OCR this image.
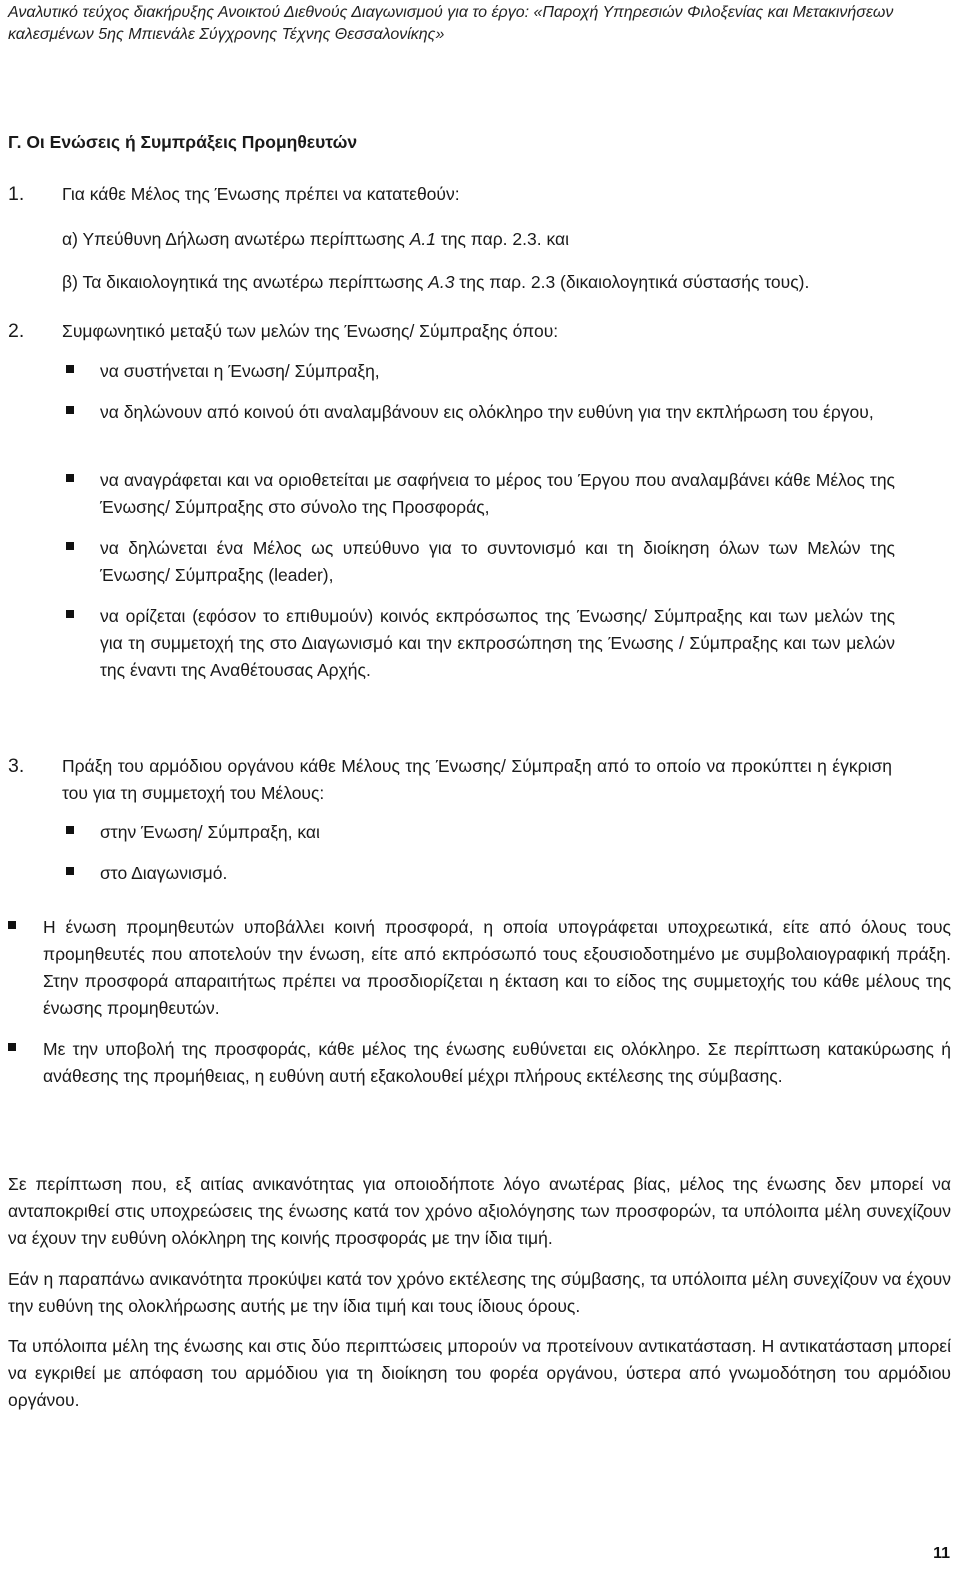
Αναλυτικό τεύχος διακήρυξης Ανοικτού Διεθνούς Διαγωνισμού για το έργο: «Παροχή Υπηρεσιών Φιλοξενίας και Μετακινήσεων
καλεσμένων 5ης Μπιενάλε Σύγχρονης Τέχνης Θεσσαλονίκης»
Γ. Οι Ενώσεις ή Συμπράξεις Προμηθευτών
1. Για κάθε Μέλος της Ένωσης πρέπει να κατατεθούν:
α) Υπεύθυνη Δήλωση ανωτέρω περίπτωσης Α.1 της παρ. 2.3. και
β) Τα δικαιολογητικά της ανωτέρω περίπτωσης Α.3 της παρ. 2.3 (δικαιολογητικά σύστασής τους).
2. Συμφωνητικό μεταξύ των μελών της Ένωσης/ Σύμπραξης όπου:
να συστήνεται η Ένωση/ Σύμπραξη,
να δηλώνουν από κοινού ότι αναλαμβάνουν εις ολόκληρο την ευθύνη για την εκπλήρωση του έργου,
να αναγράφεται και να οριοθετείται με σαφήνεια το μέρος του Έργου που αναλαμβάνει κάθε Μέλος της Ένωσης/ Σύμπραξης στο σύνολο της Προσφοράς,
να δηλώνεται ένα Μέλος ως υπεύθυνο για το συντονισμό και τη διοίκηση όλων των Μελών της Ένωσης/ Σύμπραξης (leader),
να ορίζεται (εφόσον το επιθυμούν) κοινός εκπρόσωπος της Ένωσης/ Σύμπραξης και των μελών της για τη συμμετοχή της στο Διαγωνισμό και την εκπροσώπηση της Ένωσης / Σύμπραξης και των μελών της έναντι της Αναθέτουσας Αρχής.
3. Πράξη του αρμόδιου οργάνου κάθε Μέλους της Ένωσης/ Σύμπραξη από το οποίο να προκύπτει η έγκριση του για τη συμμετοχή του Μέλους:
στην Ένωση/ Σύμπραξη, και
στο Διαγωνισμό.
Η ένωση προμηθευτών υποβάλλει κοινή προσφορά, η οποία υπογράφεται υποχρεωτικά, είτε από όλους τους προμηθευτές που αποτελούν την ένωση, είτε από εκπρόσωπό τους εξουσιοδοτημένο με συμβολαιογραφική πράξη. Στην προσφορά απαραιτήτως πρέπει να προσδιορίζεται η έκταση και το είδος της συμμετοχής του κάθε μέλους της ένωσης προμηθευτών.
Με την υποβολή της προσφοράς, κάθε μέλος της ένωσης ευθύνεται εις ολόκληρο. Σε περίπτωση κατακύρωσης ή ανάθεσης της προμήθειας, η ευθύνη αυτή εξακολουθεί μέχρι πλήρους εκτέλεσης της σύμβασης.
Σε περίπτωση που, εξ αιτίας ανικανότητας για οποιοδήποτε λόγο ανωτέρας βίας, μέλος της ένωσης δεν μπορεί να ανταποκριθεί στις υποχρεώσεις της ένωσης κατά τον χρόνο αξιολόγησης των προσφορών, τα υπόλοιπα μέλη συνεχίζουν να έχουν την ευθύνη ολόκληρη της κοινής προσφοράς με την ίδια τιμή.
Εάν η παραπάνω ανικανότητα προκύψει κατά τον χρόνο εκτέλεσης της σύμβασης, τα υπόλοιπα μέλη συνεχίζουν να έχουν την ευθύνη της ολοκλήρωσης αυτής με την ίδια τιμή και τους ίδιους όρους.
Τα υπόλοιπα μέλη της ένωσης και στις δύο περιπτώσεις μπορούν να προτείνουν αντικατάσταση. Η αντικατάσταση μπορεί να εγκριθεί με απόφαση του αρμόδιου για τη διοίκηση του φορέα οργάνου, ύστερα από γνωμοδότηση του αρμόδιου οργάνου.
11
